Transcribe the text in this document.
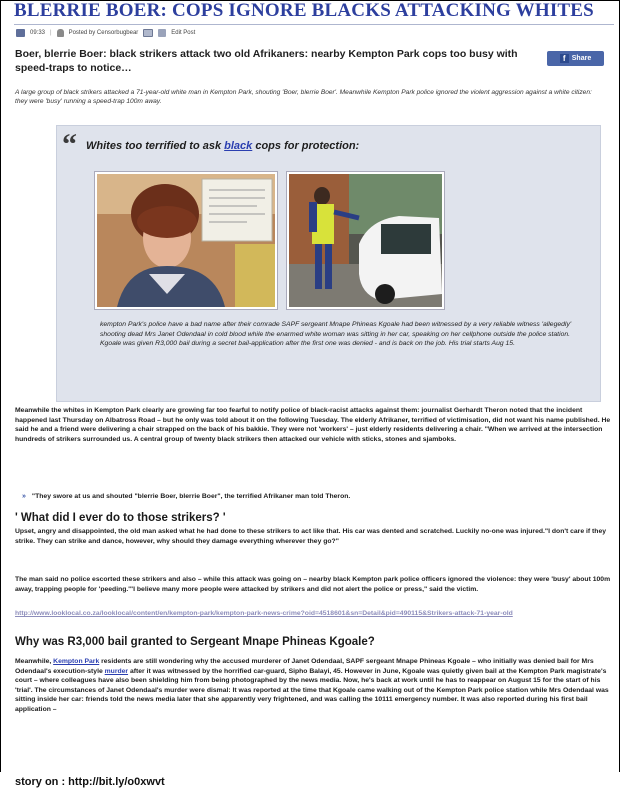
BLERRIE BOER: COPS IGNORE BLACKS ATTACKING WHITES
09:33 |	Posted by Censorbugbear	Edit Post
Boer, blerrie Boer: black strikers attack two old Afrikaners: nearby Kempton Park cops too busy with speed-traps to notice…
f Share
A large group of black strikers attacked a 71-year-old white man in Kempton Park, shouting 'Boer, blerrie Boer'. Meanwhile Kempton Park police ignored the violent aggression against a white citizen: they were 'busy' running a speed-trap 100m away.
“ Whites too terrified to ask black cops for protection:
kempton Park's police have a bad name after their comrade SAPF sergeant Mnape Phineas Kgoale had been witnessed by a very reliable witness 'allegedly' shooting dead Mrs Janet Odendaal in cold blood while the enarmed white woman was sitting in her car, speaking on her cellphone outside the police station. Kgoale was given R3,000 bail during a secret bail-application after the first one was denied - and is back on the job. His trial starts Aug 15.
Meanwhile the whites in Kempton Park clearly are growing far too fearful to notify police of black-racist attacks against them: journalist Gerhardt Theron noted that the incident happened last Thursday on Albatross Road – but he only was told about it on the following Tuesday. The elderly Afrikaner, terrified of victimisation, did not want his name published. He said he and a friend were delivering a chair strapped on the back of his bakkie. They were not 'workers' – just elderly residents delivering a chair. "When we arrived at the intersection hundreds of strikers surrounded us. A central group of twenty black strikers then attacked our vehicle with sticks, stones and sjamboks.
» "They swore at us and shouted "blerrie Boer, blerrie Boer", the terrified Afrikaner man told Theron.
' What did I ever do to those strikers? '
Upset, angry and disappointed, the old man asked what he had done to these strikers to act like that. His car was dented and scratched. Luckily no-one was injured."I don't care if they strike. They can strike and dance, however, why should they damage everything wherever they go?"
The man said no police escorted these strikers and also – while this attack was going on – nearby black Kempton park police officers ignored the violence: they were 'busy' about 100m away, trapping people for 'peeding.'"I believe many more people were attacked by strikers and did not alert the police or press," said the victim.
http://www.looklocal.co.za/looklocal/content/en/kempton-park/kempton-park-news-crime?oid=4518601&sn=Detail&pid=490115&Strikers-attack-71-year-old
Why was R3,000 bail granted to Sergeant Mnape Phineas Kgoale?
Meanwhile, Kempton Park residents are still wondering why the accused murderer of Janet Odendaal, SAPF sergeant Mnape Phineas Kgoale – who initially was denied bail for Mrs Odendaal's execution-style murder after it was witnessed by the horrified car-guard, Sipho Balayi, 45. However in June, Kgoale was quietly given bail at the Kempton Park magistrate's court – where colleagues have also been shielding him from being photographed by the news media. Now, he's back at work until he has to reappear on August 15 for the start of his 'trial'. The circumstances of Janet Odendaal's murder were dismal: It was reported at the time that Kgoale came walking out of the Kempton Park police station while Mrs Odendaal was sitting inside her car: friends told the news media later that she apparently very frightened, and was calling the 10111 emergency number. It was also reported during his first bail application –
story on : http://bit.ly/o0xwvt
